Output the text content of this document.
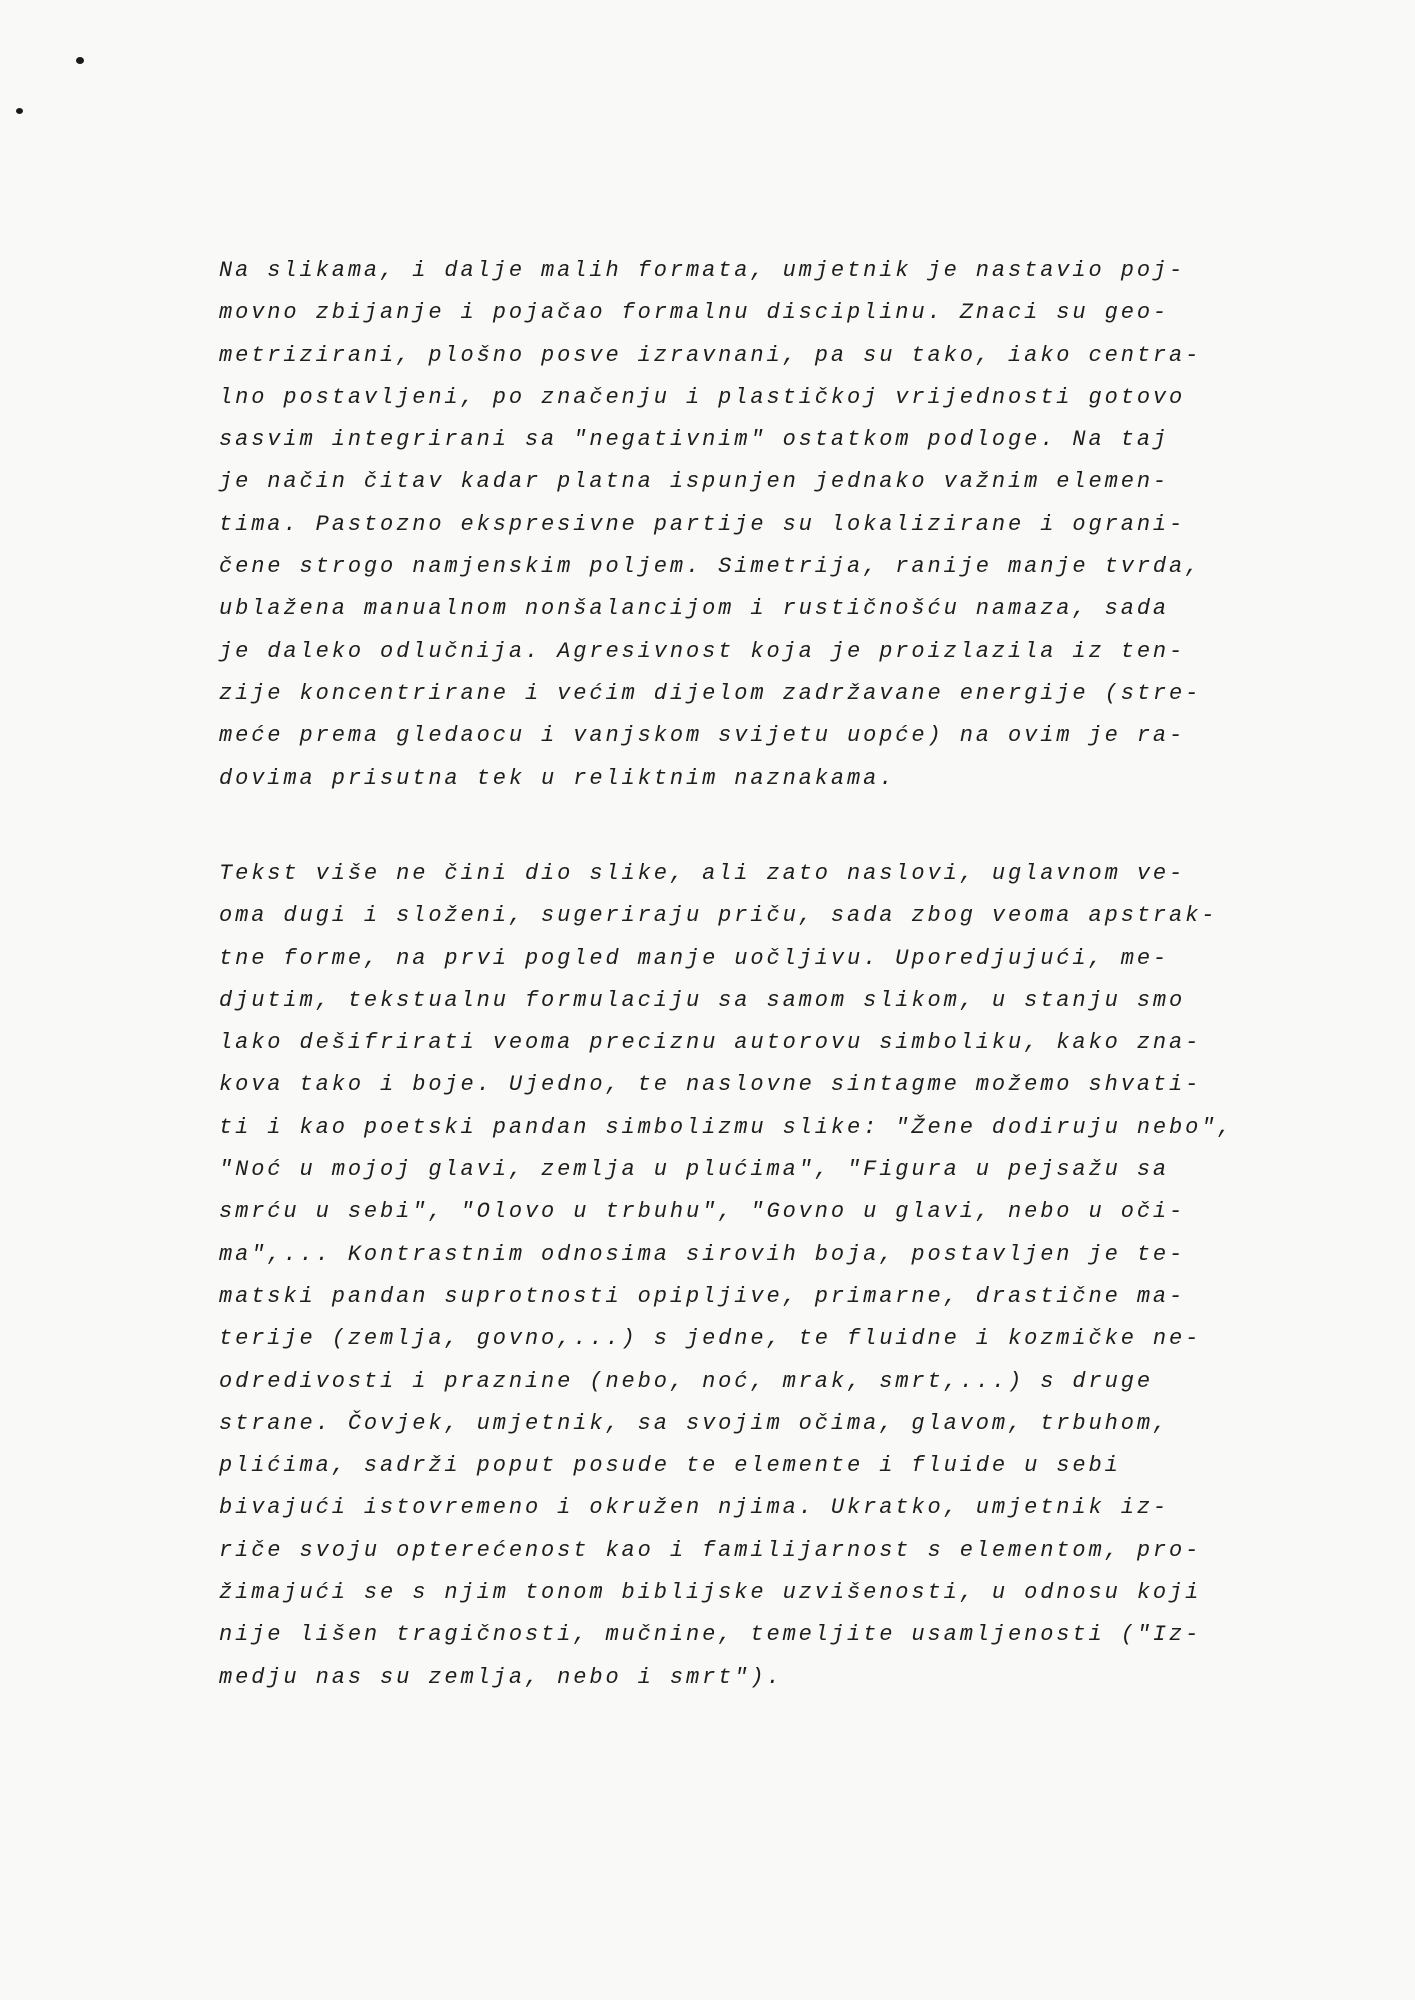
Na slikama, i dalje malih formata, umjetnik je nastavio poj-
movno zbijanje i pojačao formalnu disciplinu. Znaci su geo-
metrizirani, plošno posve izravnani, pa su tako, iako centra-
lno postavljeni, po značenju i plastičkoj vrijednosti gotovo
sasvim integrirani sa "negativnim" ostatkom podloge. Na taj
je način čitav kadar platna ispunjen jednako važnim elemen-
tima. Pastozno ekspresivne partije su lokalizirane i ograni-
čene strogo namjenskim poljem. Simetrija, ranije manje tvrda,
ublažena manualnom nonšalancijom i rustičnošću namaza, sada
je daleko odlučnija. Agresivnost koja je proizlazila iz ten-
zije koncentrirane i većim dijelom zadržavane energije (stre-
meće prema gledaocu i vanjskom svijetu uopće) na ovim je ra-
dovima prisutna tek u reliktnim naznakama.
Tekst više ne čini dio slike, ali zato naslovi, uglavnom ve-
oma dugi i složeni, sugeriraju priču, sada zbog veoma apstrak-
tne forme, na prvi pogled manje uočljivu. Uporedjujući, me-
djutim, tekstualnu formulaciju sa samom slikom, u stanju smo
lako dešifrirati veoma preciznu autorovu simboliku, kako zna-
kova tako i boje. Ujedno, te naslovne sintagme možemo shvati-
ti i kao poetski pandan simbolizmu slike: "Žene dodiruju nebo",
"Noć u mojoj glavi, zemlja u plućima", "Figura u pejsažu sa
smrću u sebi", "Olovo u trbuhu", "Govno u glavi, nebo u oči-
ma",... Kontrastnim odnosima sirovih boja, postavljen je te-
matski pandan suprotnosti opipljive, primarne, drastične ma-
terije (zemlja, govno,...) s jedne, te fluidne i kozmičke ne-
odredivosti i praznine (nebo, noć, mrak, smrt,...) s druge
strane. Čovjek, umjetnik, sa svojim očima, glavom, trbuhom,
plićima, sadrži poput posude te elemente i fluide u sebi
bivajući istovremeno i okružen njima. Ukratko, umjetnik iz-
riče svoju opterećenost kao i familijarnost s elementom, pro-
žimajući se s njim tonom biblijske uzvišenosti, u odnosu koji
nije lišen tragičnosti, mučnine, temeljite usamljenosti ("Iz-
medju nas su zemlja, nebo i smrt").
